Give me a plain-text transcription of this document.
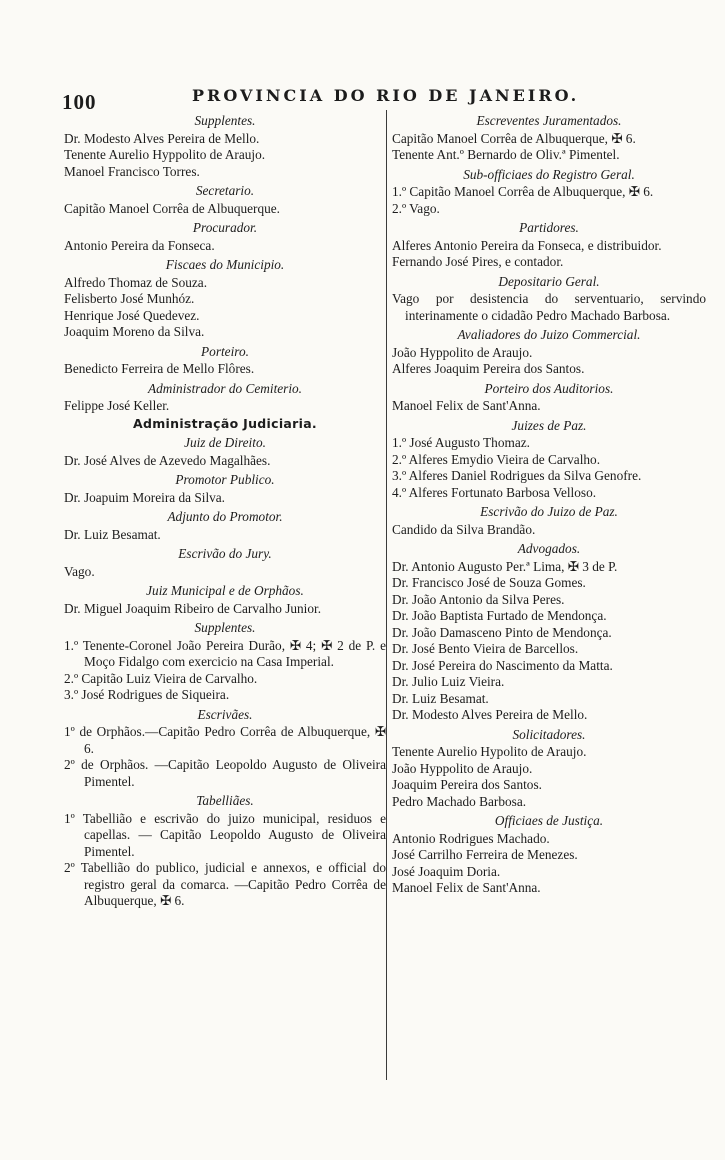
100	PROVINCIA DO RIO DE JANEIRO.
Supplentes.
Dr. Modesto Alves Pereira de Mello.
Tenente Aurelio Hyppolito de Araujo.
Manoel Francisco Torres.
Secretario.
Capitão Manoel Corrêa de Albuquerque.
Procurador.
Antonio Pereira da Fonseca.
Fiscaes do Municipio.
Alfredo Thomaz de Souza.
Felisberto José Munhóz.
Henrique José Quedevez.
Joaquim Moreno da Silva.
Porteiro.
Benedicto Ferreira de Mello Flôres.
Administrador do Cemiterio.
Felippe José Keller.
Administração Judiciaria.
Juiz de Direito.
Dr. José Alves de Azevedo Magalhães.
Promotor Publico.
Dr. Joapuim Moreira da Silva.
Adjunto do Promotor.
Dr. Luiz Besamat.
Escrivão do Jury.
Vago.
Juiz Municipal e de Orphãos.
Dr. Miguel Joaquim Ribeiro de Carvalho Junior.
Supplentes.
1.º Tenente-Coronel João Pereira Durão, ✠ 4; ✠ 2 de P. e Moço Fidalgo com exercicio na Casa Imperial.
2.º Capitão Luiz Vieira de Carvalho.
3.º José Rodrigues de Siqueira.
Escrivães.
1º de Orphãos.—Capitão Pedro Corrêa de Albuquerque, ✠ 6.
2º de Orphãos. —Capitão Leopoldo Augusto de Oliveira Pimentel.
Tabelliães.
1º Tabellião e escrivão do juizo municipal, residuos e capellas. — Capitão Leopoldo Augusto de Oliveira Pimentel.
2º Tabellião do publico, judicial e annexos, e official do registro geral da comarca. —Capitão Pedro Corrêa de Albuquerque, ✠ 6.
Escreventes Juramentados.
Capitão Manoel Corrêa de Albuquerque, ✠ 6.
Tenente Ant.º Bernardo de Oliv.ª Pimentel.
Sub-officiaes do Registro Geral.
1.º Capitão Manoel Corrêa de Albuquerque, ✠ 6.
2.º Vago.
Partidores.
Alferes Antonio Pereira da Fonseca, e distribuidor.
Fernando José Pires, e contador.
Depositario Geral.
Vago por desistencia do serventuario, servindo interinamente o cidadão Pedro Machado Barbosa.
Avaliadores do Juizo Commercial.
João Hyppolito de Araujo.
Alferes Joaquim Pereira dos Santos.
Porteiro dos Auditorios.
Manoel Felix de Sant'Anna.
Juizes de Paz.
1.º José Augusto Thomaz.
2.º Alferes Emydio Vieira de Carvalho.
3.º Alferes Daniel Rodrigues da Silva Genofre.
4.º Alferes Fortunato Barbosa Velloso.
Escrivão do Juizo de Paz.
Candido da Silva Brandão.
Advogados.
Dr. Antonio Augusto Per.ª Lima, ✠ 3 de P.
Dr. Francisco José de Souza Gomes.
Dr. João Antonio da Silva Peres.
Dr. João Baptista Furtado de Mendonça.
Dr. João Damasceno Pinto de Mendonça.
Dr. José Bento Vieira de Barcellos.
Dr. José Pereira do Nascimento da Matta.
Dr. Julio Luiz Vieira.
Dr. Luiz Besamat.
Dr. Modesto Alves Pereira de Mello.
Solicitadores.
Tenente Aurelio Hypolito de Araujo.
João Hyppolito de Araujo.
Joaquim Pereira dos Santos.
Pedro Machado Barbosa.
Officiaes de Justiça.
Antonio Rodrigues Machado.
José Carrilho Ferreira de Menezes.
José Joaquim Doria.
Manoel Felix de Sant'Anna.
